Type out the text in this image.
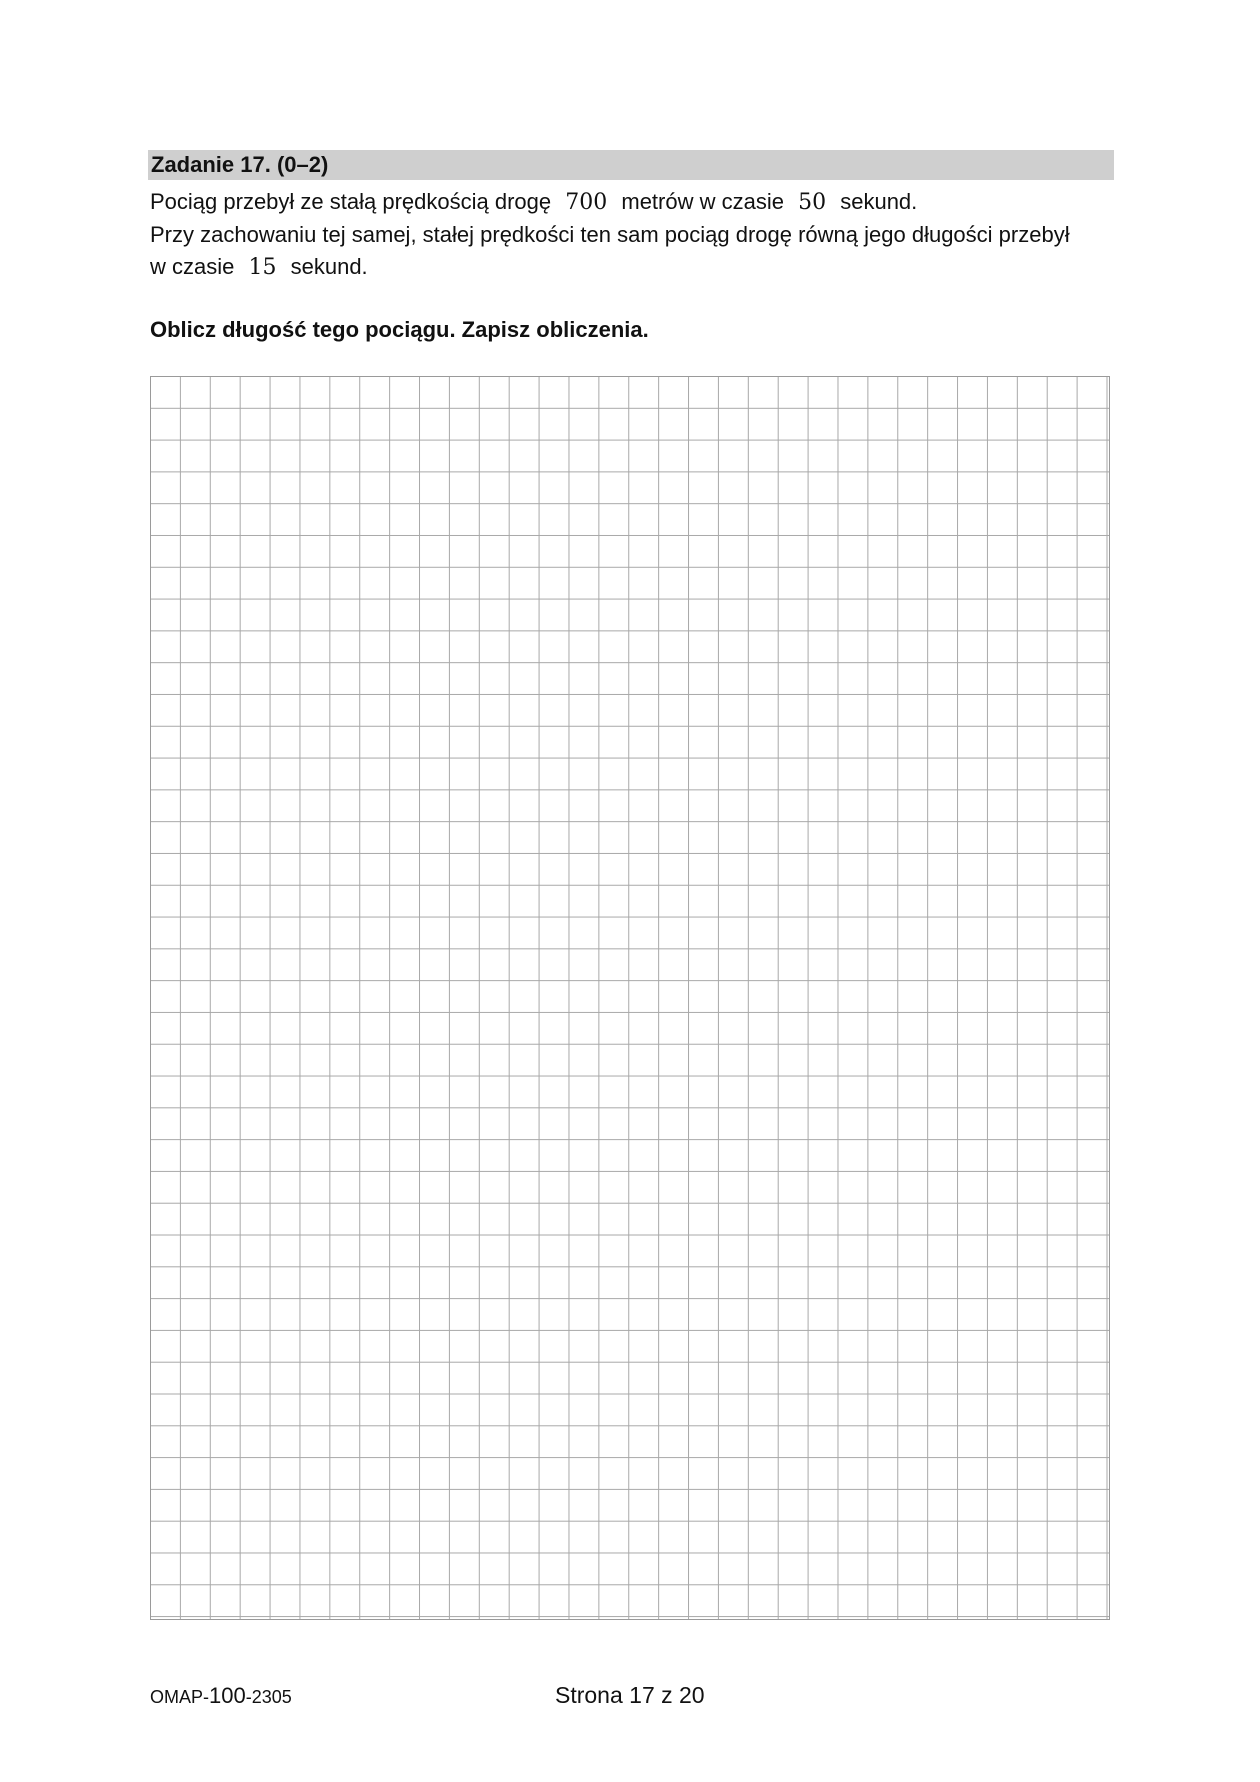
Zadanie 17. (0–2)

Pociąg przebył ze stałą prędkością drogę 700 metrów w czasie 50 sekund.

Przy zachowaniu tej samej, stałej prędkości ten sam pociąg drogę równą jego długości przebył

w czasie 15 sekund.

Oblicz długość tego pociągu. Zapisz obliczenia.
OMAP-100-2305	Strona 17 z 20
